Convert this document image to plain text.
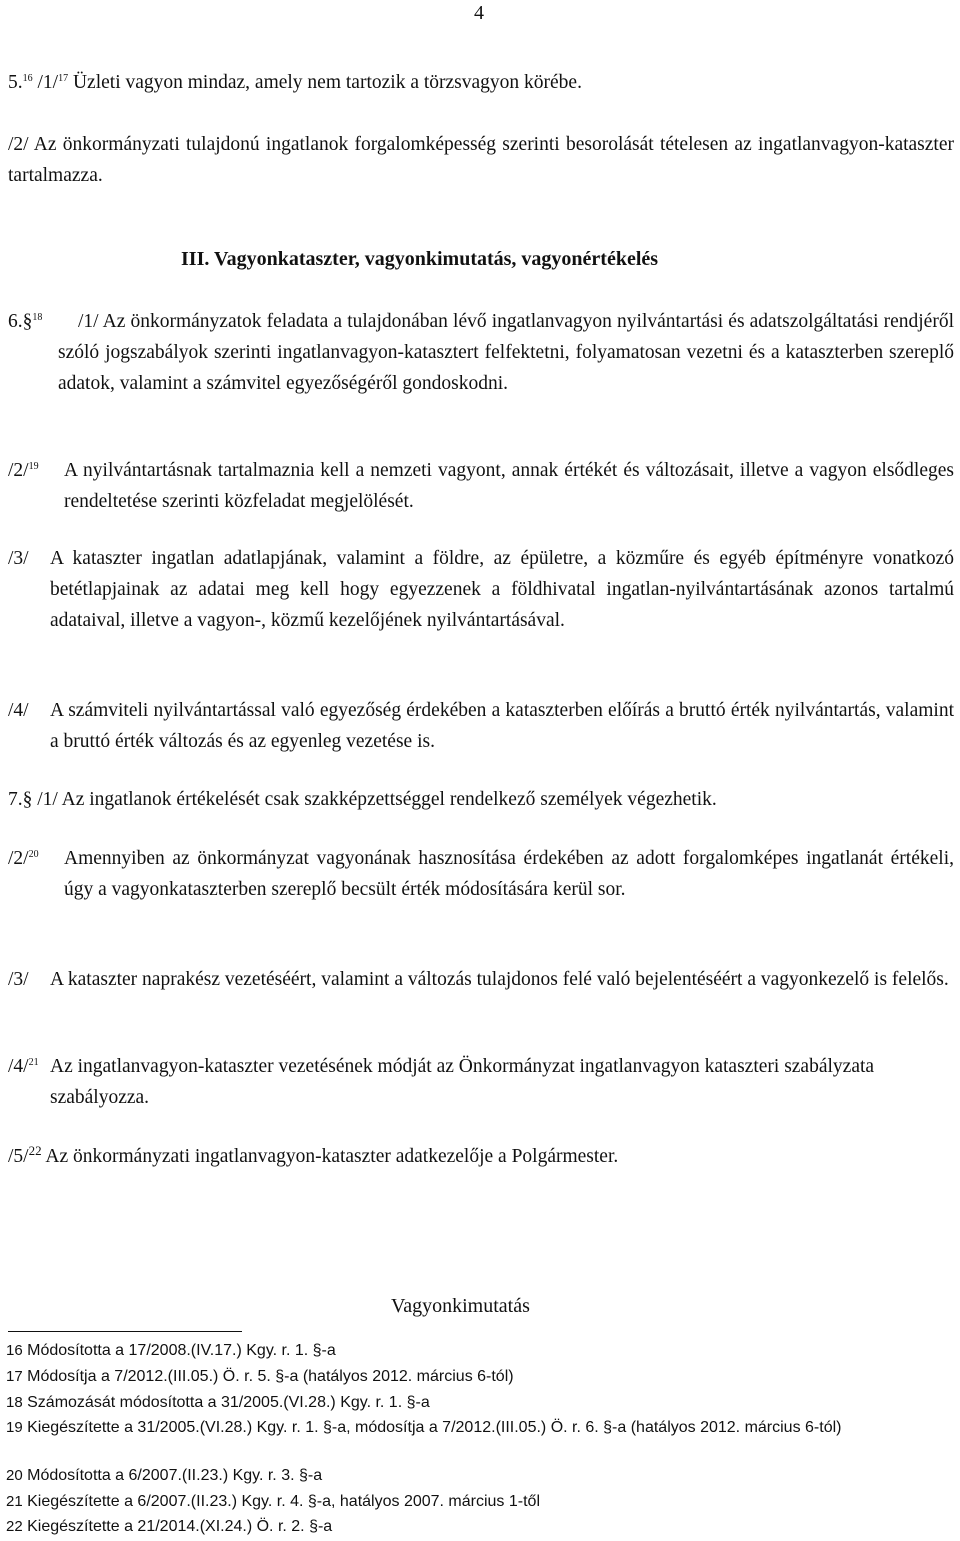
4
5.16 /1/$^{17}$ Üzleti vagyon mindaz, amely nem tartozik a törzsvagyon körébe.
/2/ Az önkormányzati tulajdonú ingatlanok forgalomképesség szerinti besorolását tételesen az ingatlanvagyon-kataszter tartalmazza.
III. Vagyonkataszter, vagyonkimutatás, vagyonértékelés
6.§$^{18}$	/1/ Az önkormányzatok feladata a tulajdonában lévő ingatlanvagyon nyilvántartási és adatszolgáltatási rendjéről szóló jogszabályok szerinti ingatlanvagyon-katasztert felfektetni, folyamatosan vezetni és a kataszterben szereplő adatok, valamint a számvitel egyezőségéről gondoskodni.
/2/$^{19}$ A nyilvántartásnak tartalmaznia kell a nemzeti vagyont, annak értékét és változásait, illetve a vagyon elsődleges rendeltetése szerinti közfeladat megjelölését.
/3/ A kataszter ingatlan adatlapjának, valamint a földre, az épületre, a közműre és egyéb építményre vonatkozó betétlapjainak az adatai meg kell hogy egyezzenek a földhivatal ingatlan-nyilvántartásának azonos tartalmú adataival, illetve a vagyon-, közmű kezelőjének nyilvántartásával.
/4/ A számviteli nyilvántartással való egyezőség érdekében a kataszterben előírás a bruttó érték nyilvántartás, valamint a bruttó érték változás és az egyenleg vezetése is.
7.§ /1/ Az ingatlanok értékelését csak szakképzettséggel rendelkező személyek végezhetik.
/2/$^{20}$ Amennyiben az önkormányzat vagyonának hasznosítása érdekében az adott forgalomképes ingatlanát értékeli, úgy a vagyonkataszterben szereplő becsült érték módosítására kerül sor.
/3/ A kataszter naprakész vezetéséért, valamint a változás tulajdonos felé való bejelentéséért a vagyonkezelő is felelős.
/4/$^{21}$ Az ingatlanvagyon-kataszter vezetésének módját az Önkormányzat ingatlanvagyon kataszteri szabályzata szabályozza.
/5/$^{22}$ Az önkormányzati ingatlanvagyon-kataszter adatkezelője a Polgármester.
Vagyonkimutatás
16 Módosította a 17/2008.(IV.17.) Kgy. r. 1. §-a
17 Módosítja a 7/2012.(III.05.) Ö. r. 5. §-a (hatályos 2012. március 6-tól)
18 Számozását módosította a 31/2005.(VI.28.) Kgy. r. 1. §-a
19 Kiegészítette a 31/2005.(VI.28.) Kgy. r. 1. §-a, módosítja a 7/2012.(III.05.) Ö. r. 6. §-a (hatályos 2012. március 6-tól)
20 Módosította a 6/2007.(II.23.) Kgy. r. 3. §-a
21 Kiegészítette a 6/2007.(II.23.) Kgy. r. 4. §-a, hatályos 2007. március 1-től
22 Kiegészítette a 21/2014.(XI.24.) Ö. r. 2. §-a
